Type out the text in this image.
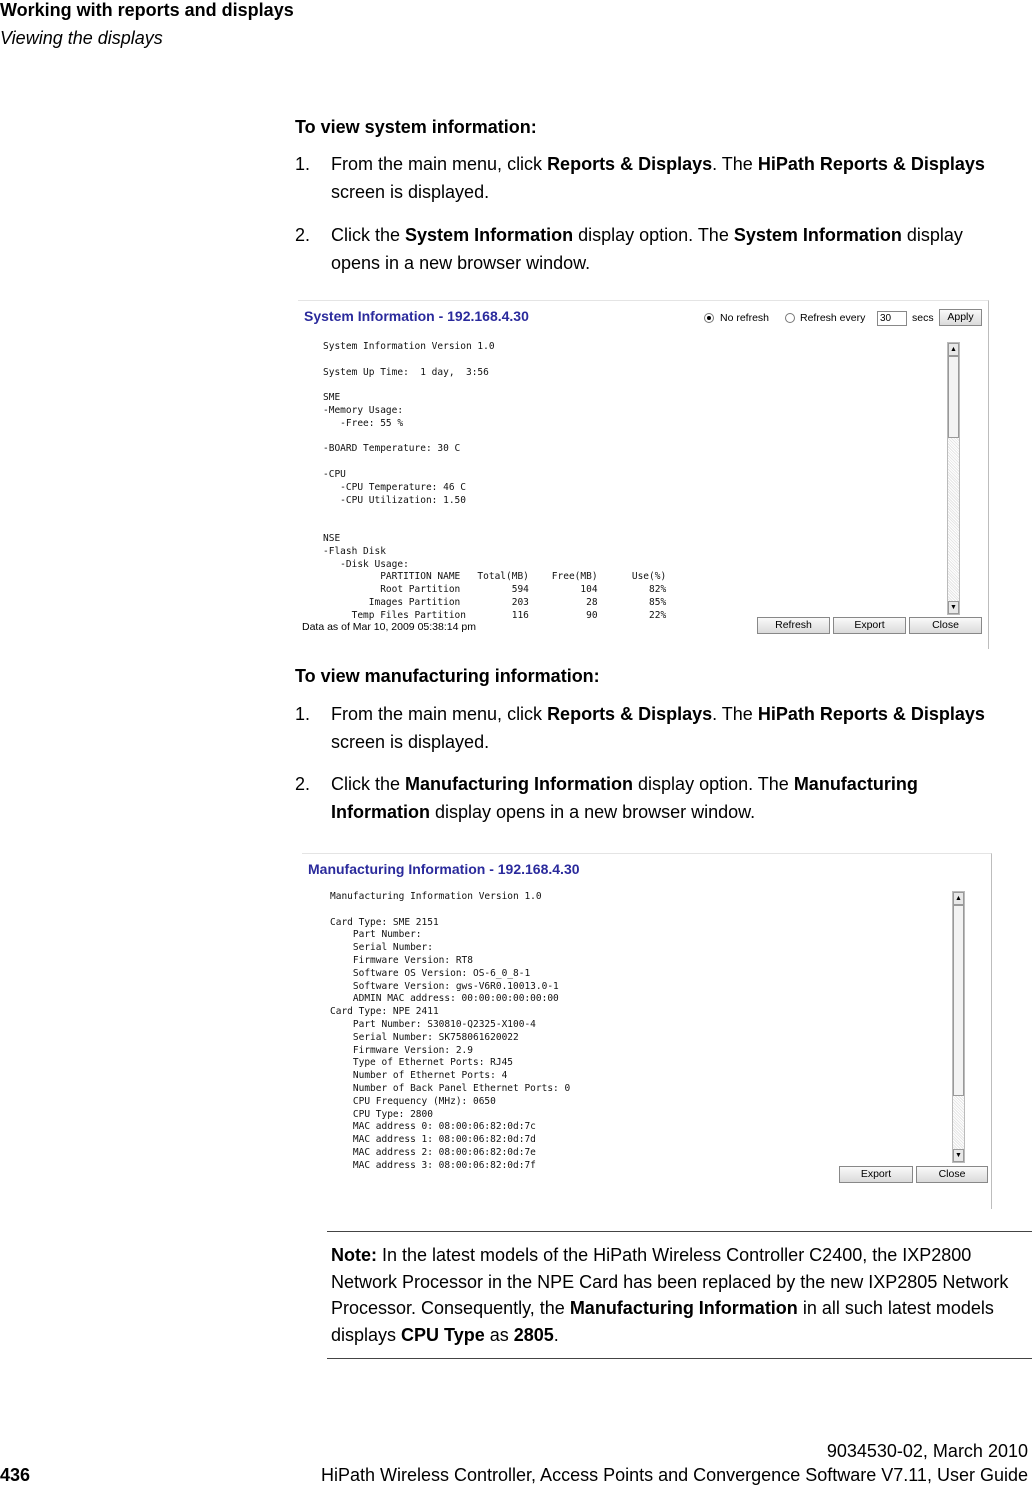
Working with reports and displays
Viewing the displays
To view system information:
1. From the main menu, click Reports & Displays. The HiPath Reports & Displays screen is displayed.
2. Click the System Information display option. The System Information display opens in a new browser window.
System Information - 192.168.4.30	No refresh	Refresh every	30	secs	Apply
System Information Version 1.0
System Up Time:  1 day,  3:56
SME
-Memory Usage:
-Free: 55 %
-BOARD Temperature: 30 C
-CPU
-CPU Temperature: 46 C
-CPU Utilization: 1.50
NSE
-Flash Disk
-Disk Usage:
PARTITION NAME   Total(MB)    Free(MB)      Use(%)
Root Partition         594         104         82%
Images Partition         203          28         85%
Temp Files Partition        116          90         22%
▲
▼
Data as of Mar 10, 2009 05:38:14 pm	Refresh	Export	Close
To view manufacturing information:
1. From the main menu, click Reports & Displays. The HiPath Reports & Displays screen is displayed.
2. Click the Manufacturing Information display option. The Manufacturing Information display opens in a new browser window.
Manufacturing Information - 192.168.4.30
Manufacturing Information Version 1.0
Card Type: SME 2151
Part Number:
Serial Number:
Firmware Version: RT8
Software OS Version: OS-6_0_8-1
Software Version: gws-V6R0.10013.0-1
ADMIN MAC address: 00:00:00:00:00:00
Card Type: NPE 2411
Part Number: S30810-Q2325-X100-4
Serial Number: SK758061620022
Firmware Version: 2.9
Type of Ethernet Ports: RJ45
Number of Ethernet Ports: 4
Number of Back Panel Ethernet Ports: 0
CPU Frequency (MHz): 0650
CPU Type: 2800
MAC address 0: 08:00:06:82:0d:7c
MAC address 1: 08:00:06:82:0d:7d
MAC address 2: 08:00:06:82:0d:7e
MAC address 3: 08:00:06:82:0d:7f
▲
▼
Export	Close
Note: In the latest models of the HiPath Wireless Controller C2400, the IXP2800 Network Processor in the NPE Card has been replaced by the new IXP2805 Network Processor. Consequently, the Manufacturing Information in all such latest models displays CPU Type as 2805.
9034530-02, March 2010
436	HiPath Wireless Controller, Access Points and Convergence Software V7.11, User Guide
